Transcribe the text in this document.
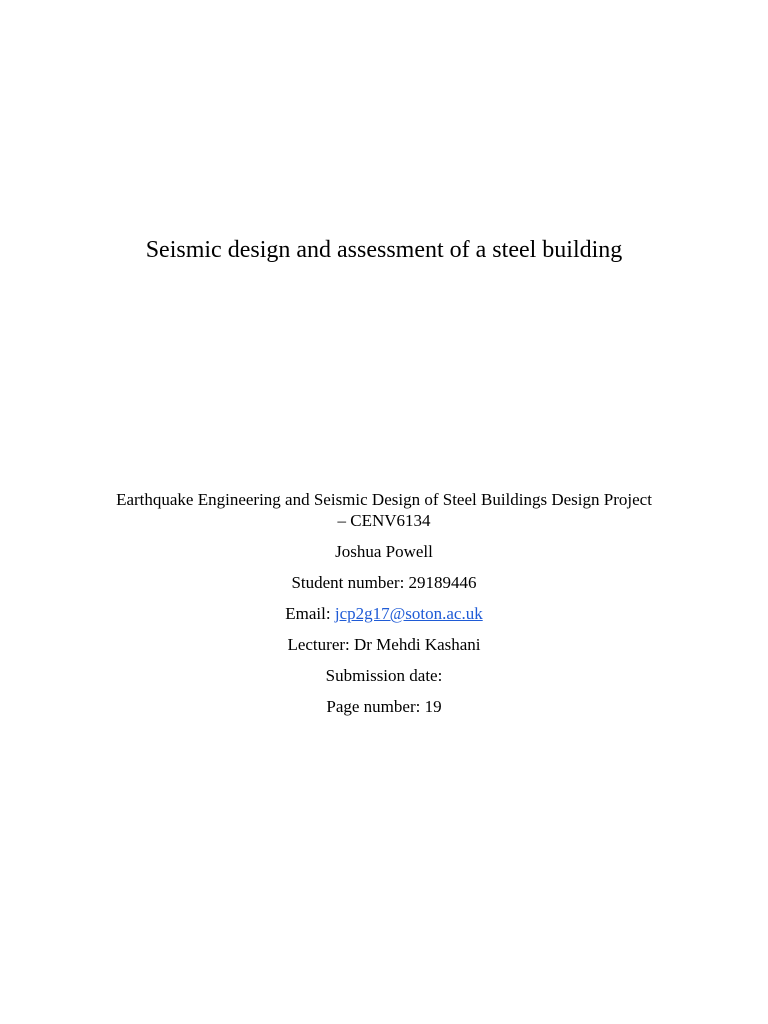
Seismic design and assessment of a steel building

Earthquake Engineering and Seismic Design of Steel Buildings Design Project

– CENV6134

Joshua Powell

Student number: 29189446

Email: jcp2g17@soton.ac.uk

Lecturer: Dr Mehdi Kashani

Submission date:

Page number: 19
